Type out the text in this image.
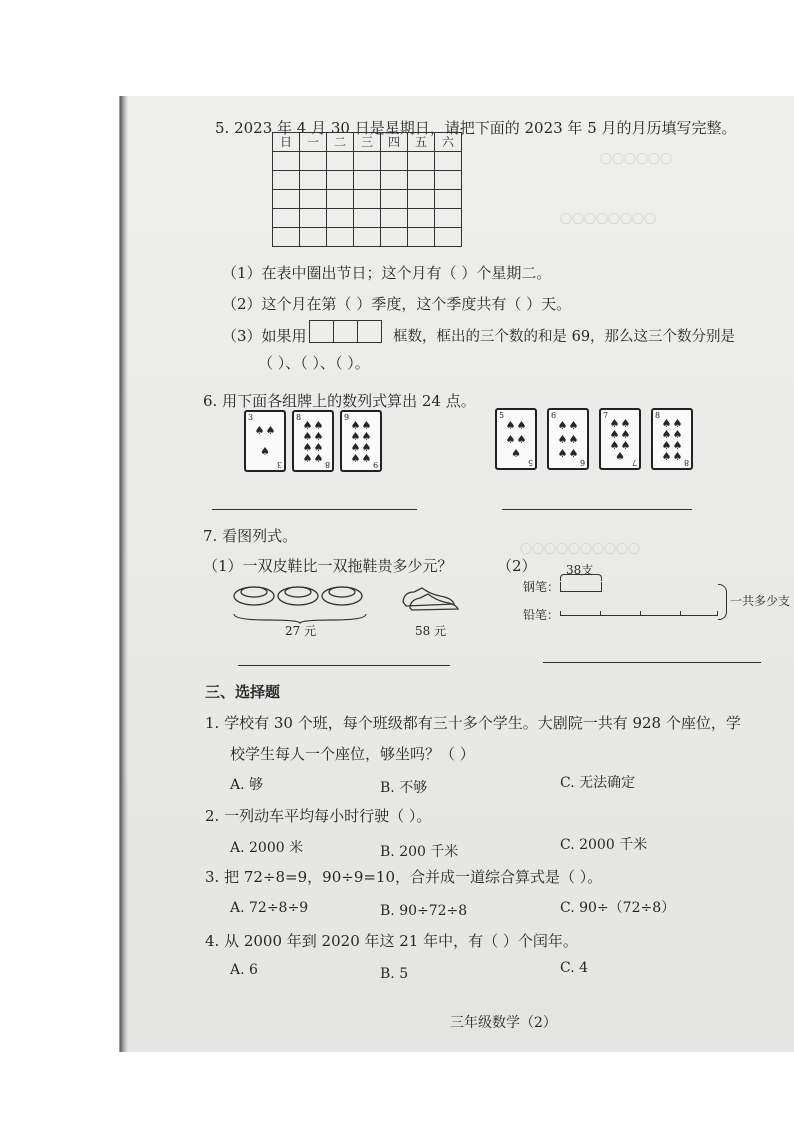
〇〇〇〇〇〇
〇〇〇〇〇〇〇〇
〇〇〇〇〇〇〇〇〇〇
5. 2023 年 4 月 30 日是星期日，请把下面的 2023 年 5 月的月历填写完整。
日	一	二	三	四	五	六

（1）在表中圈出节日；这个月有（ ）个星期二。
（2）这个月在第（ ）季度，这个季度共有（ ）天。
（3）如果用	框数，框出的三个数的和是 69，那么这三个数分别是
（ ）、（ ）、（ ）。
6. 用下面各组牌上的数列式算出 24 点。
3
3
♠ ♠
♠
8
8
♠ ♠
♠ ♠
♠ ♠
♠ ♠
9
9
♠ ♠
♠ ♠
♠ ♠
♠ ♠
5
5
♠ ♠
♠ ♠
♠
6
6
♠ ♠
♠ ♠
♠ ♠
7
7
♠ ♠
♠ ♠
♠ ♠
♠
8
8
♠ ♠
♠ ♠
♠ ♠
♠ ♠
7. 看图列式。
（1）一双皮鞋比一双拖鞋贵多少元？	（2）
27 元	58 元
38支
钢笔：
铅笔：
一共多少支
三、选择题
1. 学校有 30 个班，每个班级都有三十多个学生。大剧院一共有 928 个座位，学
校学生每人一个座位，够坐吗？（ ）
A. 够	B. 不够	C. 无法确定
2. 一列动车平均每小时行驶（ ）。
A. 2000 米	B. 200 千米	C. 2000 千米
3. 把 72÷8=9，90÷9=10，合并成一道综合算式是（ ）。
A. 72÷8÷9	B. 90÷72÷8	C. 90÷（72÷8）
4. 从 2000 年到 2020 年这 21 年中，有（ ）个闰年。
A. 6	B. 5	C. 4
三年级数学（2）
